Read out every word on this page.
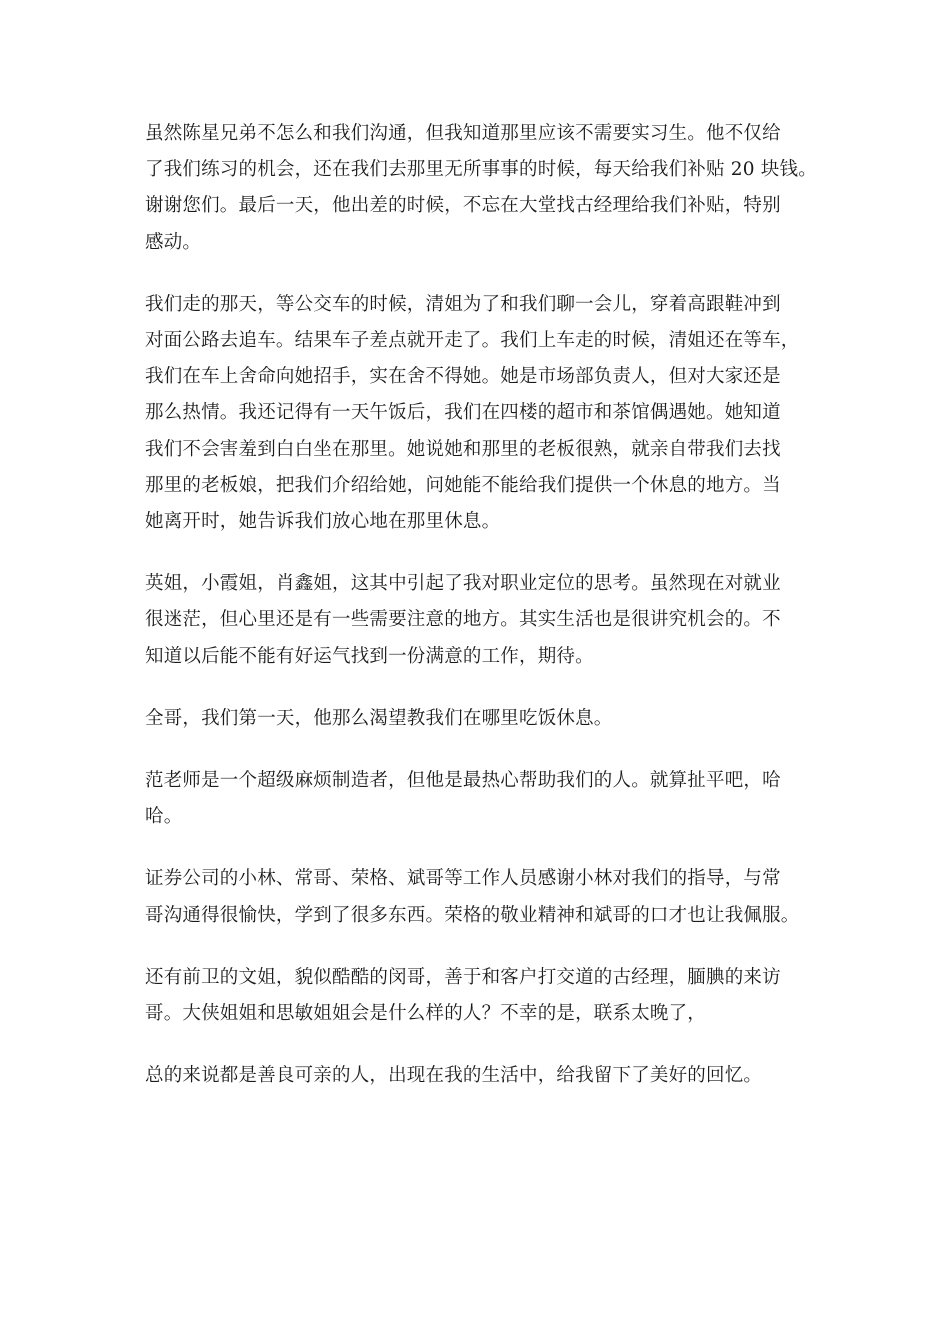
虽然陈星兄弟不怎么和我们沟通，但我知道那里应该不需要实习生。他不仅给
了我们练习的机会，还在我们去那里无所事事的时候，每天给我们补贴 20 块钱。
谢谢您们。最后一天，他出差的时候，不忘在大堂找古经理给我们补贴，特别
感动。

我们走的那天，等公交车的时候，清姐为了和我们聊一会儿，穿着高跟鞋冲到
对面公路去追车。结果车子差点就开走了。我们上车走的时候，清姐还在等车，
我们在车上舍命向她招手，实在舍不得她。她是市场部负责人，但对大家还是
那么热情。我还记得有一天午饭后，我们在四楼的超市和茶馆偶遇她。她知道
我们不会害羞到白白坐在那里。她说她和那里的老板很熟，就亲自带我们去找
那里的老板娘，把我们介绍给她，问她能不能给我们提供一个休息的地方。当
她离开时，她告诉我们放心地在那里休息。

英姐，小霞姐，肖鑫姐，这其中引起了我对职业定位的思考。虽然现在对就业
很迷茫，但心里还是有一些需要注意的地方。其实生活也是很讲究机会的。不
知道以后能不能有好运气找到一份满意的工作，期待。

全哥，我们第一天，他那么渴望教我们在哪里吃饭休息。

范老师是一个超级麻烦制造者，但他是最热心帮助我们的人。就算扯平吧，哈
哈。

证券公司的小林、常哥、荣格、斌哥等工作人员感谢小林对我们的指导，与常
哥沟通得很愉快，学到了很多东西。荣格的敬业精神和斌哥的口才也让我佩服。

还有前卫的文姐，貌似酷酷的闵哥，善于和客户打交道的古经理，腼腆的来访
哥。大侠姐姐和思敏姐姐会是什么样的人？不幸的是，联系太晚了，

总的来说都是善良可亲的人，出现在我的生活中，给我留下了美好的回忆。
